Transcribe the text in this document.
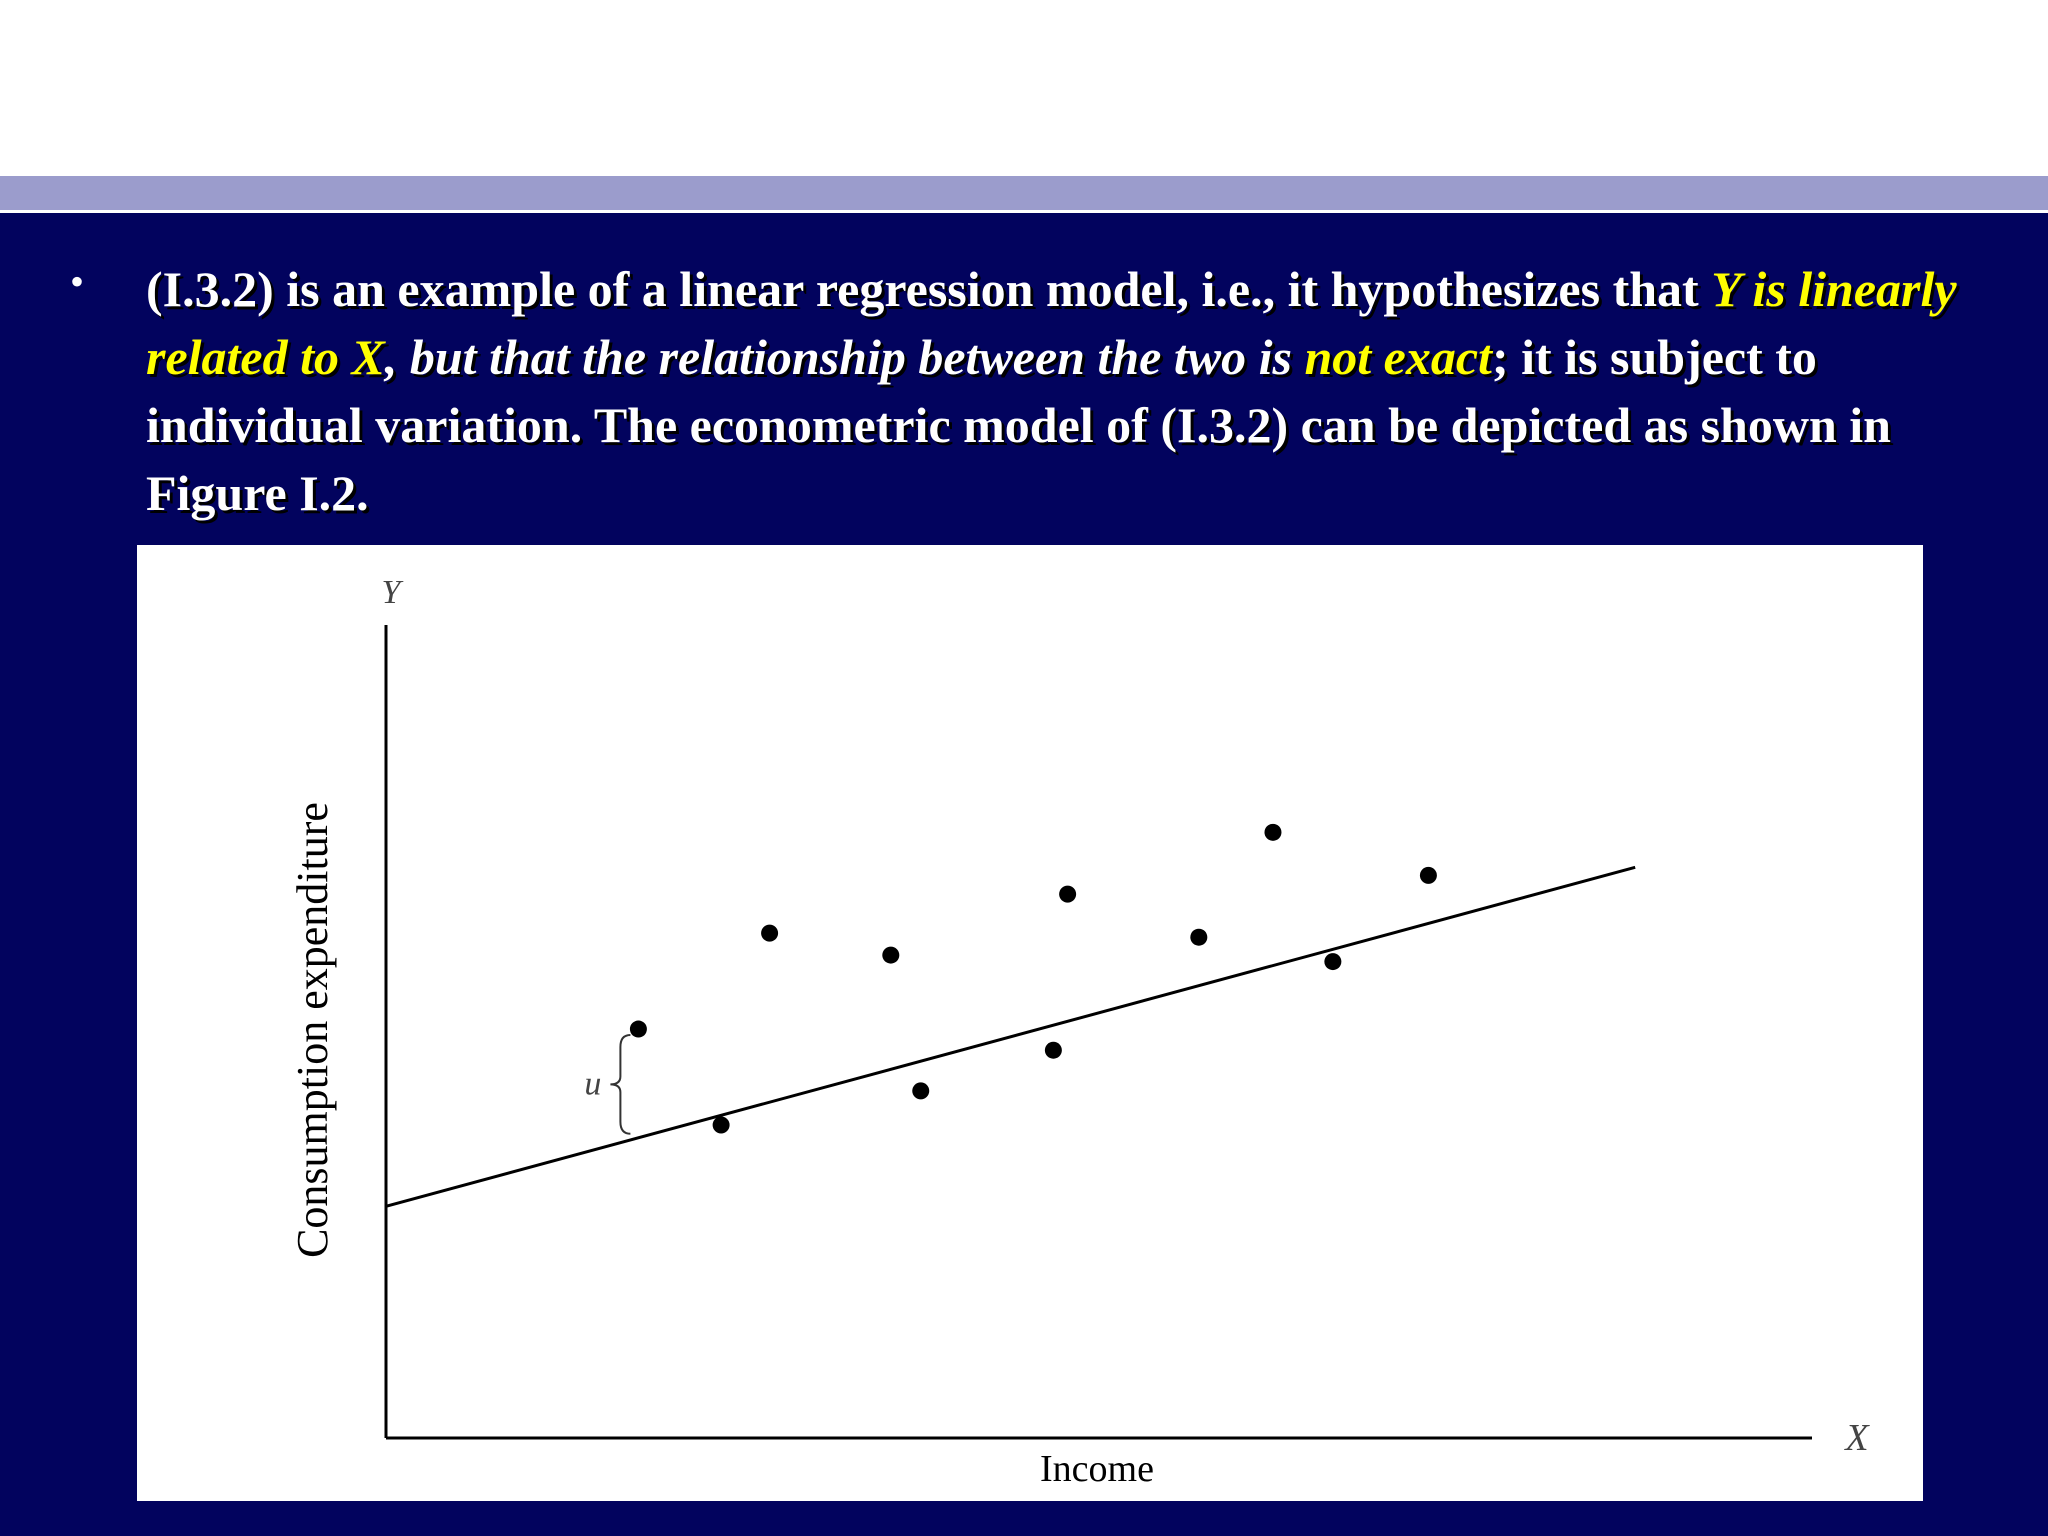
• (I.3.2) is an example of a linear regression model, i.e., it hypothesizes that Y is linearly related to X, but that the relationship between the two is not exact; it is subject to individual variation. The econometric model of (I.3.2) can be depicted as shown in Figure I.2.
Y
X
Income
Consumption expenditure	u
